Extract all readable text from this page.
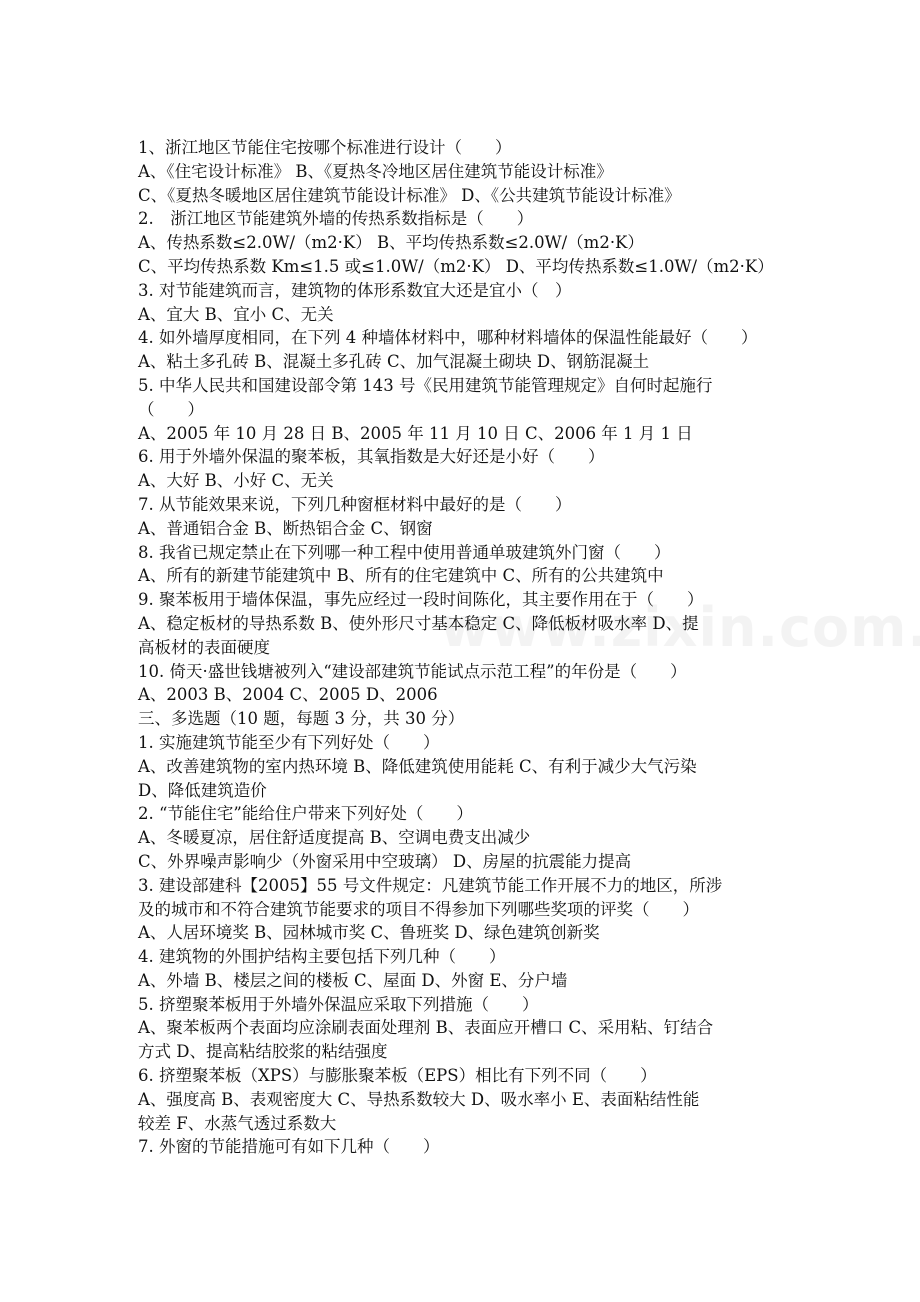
1、浙江地区节能住宅按哪个标准进行设计（　　）
A、《住宅设计标准》 B、《夏热冬冷地区居住建筑节能设计标准》
C、《夏热冬暖地区居住建筑节能设计标准》 D、《公共建筑节能设计标准》
2.　浙江地区节能建筑外墙的传热系数指标是（　　）
A、传热系数≤2.0W/（m2·K） B、平均传热系数≤2.0W/（m2·K）
C、平均传热系数 Km≤1.5 或≤1.0W/（m2·K） D、平均传热系数≤1.0W/（m2·K）
3. 对节能建筑而言，建筑物的体形系数宜大还是宜小（　）
A、宜大 B、宜小 C、无关
4. 如外墙厚度相同，在下列 4 种墙体材料中，哪种材料墙体的保温性能最好（　　）
A、粘土多孔砖 B、混凝土多孔砖 C、加气混凝土砌块 D、钢筋混凝土
5. 中华人民共和国建设部令第 143 号《民用建筑节能管理规定》自何时起施行
（　　）
A、2005 年 10 月 28 日 B、2005 年 11 月 10 日 C、2006 年 1 月 1 日
6. 用于外墙外保温的聚苯板，其氧指数是大好还是小好（　　）
A、大好 B、小好 C、无关
7. 从节能效果来说，下列几种窗框材料中最好的是（　　）
A、普通铝合金 B、断热铝合金 C、钢窗
8. 我省已规定禁止在下列哪一种工程中使用普通单玻建筑外门窗（　　）
A、所有的新建节能建筑中 B、所有的住宅建筑中 C、所有的公共建筑中
9. 聚苯板用于墙体保温，事先应经过一段时间陈化，其主要作用在于（　　）
A、稳定板材的导热系数 B、使外形尺寸基本稳定 C、降低板材吸水率 D、提
高板材的表面硬度
10. 倚天·盛世钱塘被列入“建设部建筑节能试点示范工程”的年份是（　　）
A、2003 B、2004 C、2005 D、2006
三、多选题（10 题，每题 3 分，共 30 分）
1. 实施建筑节能至少有下列好处（　　）
A、改善建筑物的室内热环境 B、降低建筑使用能耗 C、有利于减少大气污染
D、降低建筑造价
2. “节能住宅”能给住户带来下列好处（　　）
A、冬暖夏凉，居住舒适度提高 B、空调电费支出减少
C、外界噪声影响少（外窗采用中空玻璃） D、房屋的抗震能力提高
3. 建设部建科【2005】55 号文件规定：凡建筑节能工作开展不力的地区，所涉
及的城市和不符合建筑节能要求的项目不得参加下列哪些奖项的评奖（　　）
A、人居环境奖 B、园林城市奖 C、鲁班奖 D、绿色建筑创新奖
4. 建筑物的外围护结构主要包括下列几种（　　）
A、外墙 B、楼层之间的楼板 C、屋面 D、外窗 E、分户墙
5. 挤塑聚苯板用于外墙外保温应采取下列措施（　　）
A、聚苯板两个表面均应涂刷表面处理剂 B、表面应开槽口 C、采用粘、钉结合
方式 D、提高粘结胶浆的粘结强度
6. 挤塑聚苯板（XPS）与膨胀聚苯板（EPS）相比有下列不同（　　）
A、强度高 B、表观密度大 C、导热系数较大 D、吸水率小 E、表面粘结性能
较差 F、水蒸气透过系数大
7. 外窗的节能措施可有如下几种（　　）
